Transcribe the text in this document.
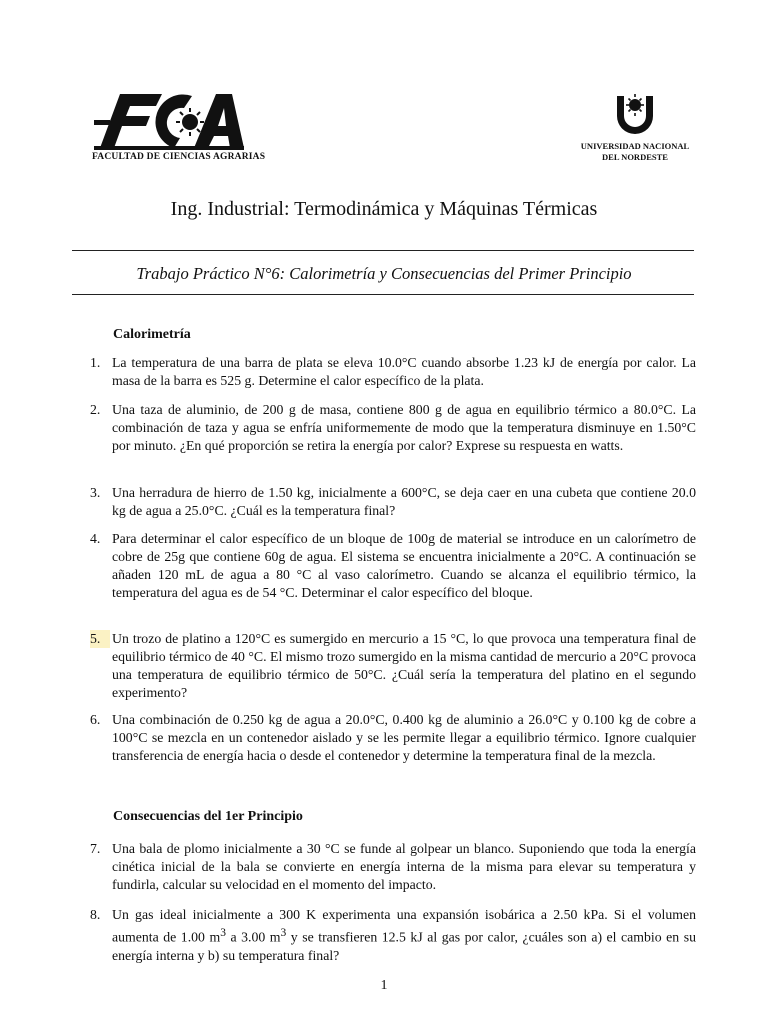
FACULTAD DE CIENCIAS AGRARIAS
UNIVERSIDAD NACIONAL
DEL NORDESTE
Ing. Industrial: Termodinámica y Máquinas Térmicas
Trabajo Práctico N°6: Calorimetría y Consecuencias del Primer Principio
Calorimetría
1. La temperatura de una barra de plata se eleva 10.0°C cuando absorbe 1.23 kJ de energía por calor. La masa de la barra es 525 g. Determine el calor específico de la plata.
2. Una taza de aluminio, de 200 g de masa, contiene 800 g de agua en equilibrio térmico a 80.0°C. La combinación de taza y agua se enfría uniformemente de modo que la temperatura disminuye en 1.50°C por minuto. ¿En qué proporción se retira la energía por calor? Exprese su respuesta en watts.
3. Una herradura de hierro de 1.50 kg, inicialmente a 600°C, se deja caer en una cubeta que contiene 20.0 kg de agua a 25.0°C. ¿Cuál es la temperatura final?
4. Para determinar el calor específico de un bloque de 100g de material se introduce en un calorímetro de cobre de 25g que contiene 60g de agua. El sistema se encuentra inicialmente a 20°C. A continuación se añaden 120 mL de agua a 80 °C al vaso calorímetro. Cuando se alcanza el equilibrio térmico, la temperatura del agua es de 54 °C. Determinar el calor específico del bloque.
5. Un trozo de platino a 120°C es sumergido en mercurio a 15 °C, lo que provoca una temperatura final de equilibrio térmico de 40 °C. El mismo trozo sumergido en la misma cantidad de mercurio a 20°C provoca una temperatura de equilibrio térmico de 50°C. ¿Cuál sería la temperatura del platino en el segundo experimento?
6. Una combinación de 0.250 kg de agua a 20.0°C, 0.400 kg de aluminio a 26.0°C y 0.100 kg de cobre a 100°C se mezcla en un contenedor aislado y se les permite llegar a equilibrio térmico. Ignore cualquier transferencia de energía hacia o desde el contenedor y determine la temperatura final de la mezcla.
Consecuencias del 1er Principio
7. Una bala de plomo inicialmente a 30 °C se funde al golpear un blanco. Suponiendo que toda la energía cinética inicial de la bala se convierte en energía interna de la misma para elevar su temperatura y fundirla, calcular su velocidad en el momento del impacto.
8. Un gas ideal inicialmente a 300 K experimenta una expansión isobárica a 2.50 kPa. Si el volumen aumenta de 1.00 $m^3$ a 3.00 $m^3$ y se transfieren 12.5 kJ al gas por calor, ¿cuáles son a) el cambio en su energía interna y b) su temperatura final?
1
